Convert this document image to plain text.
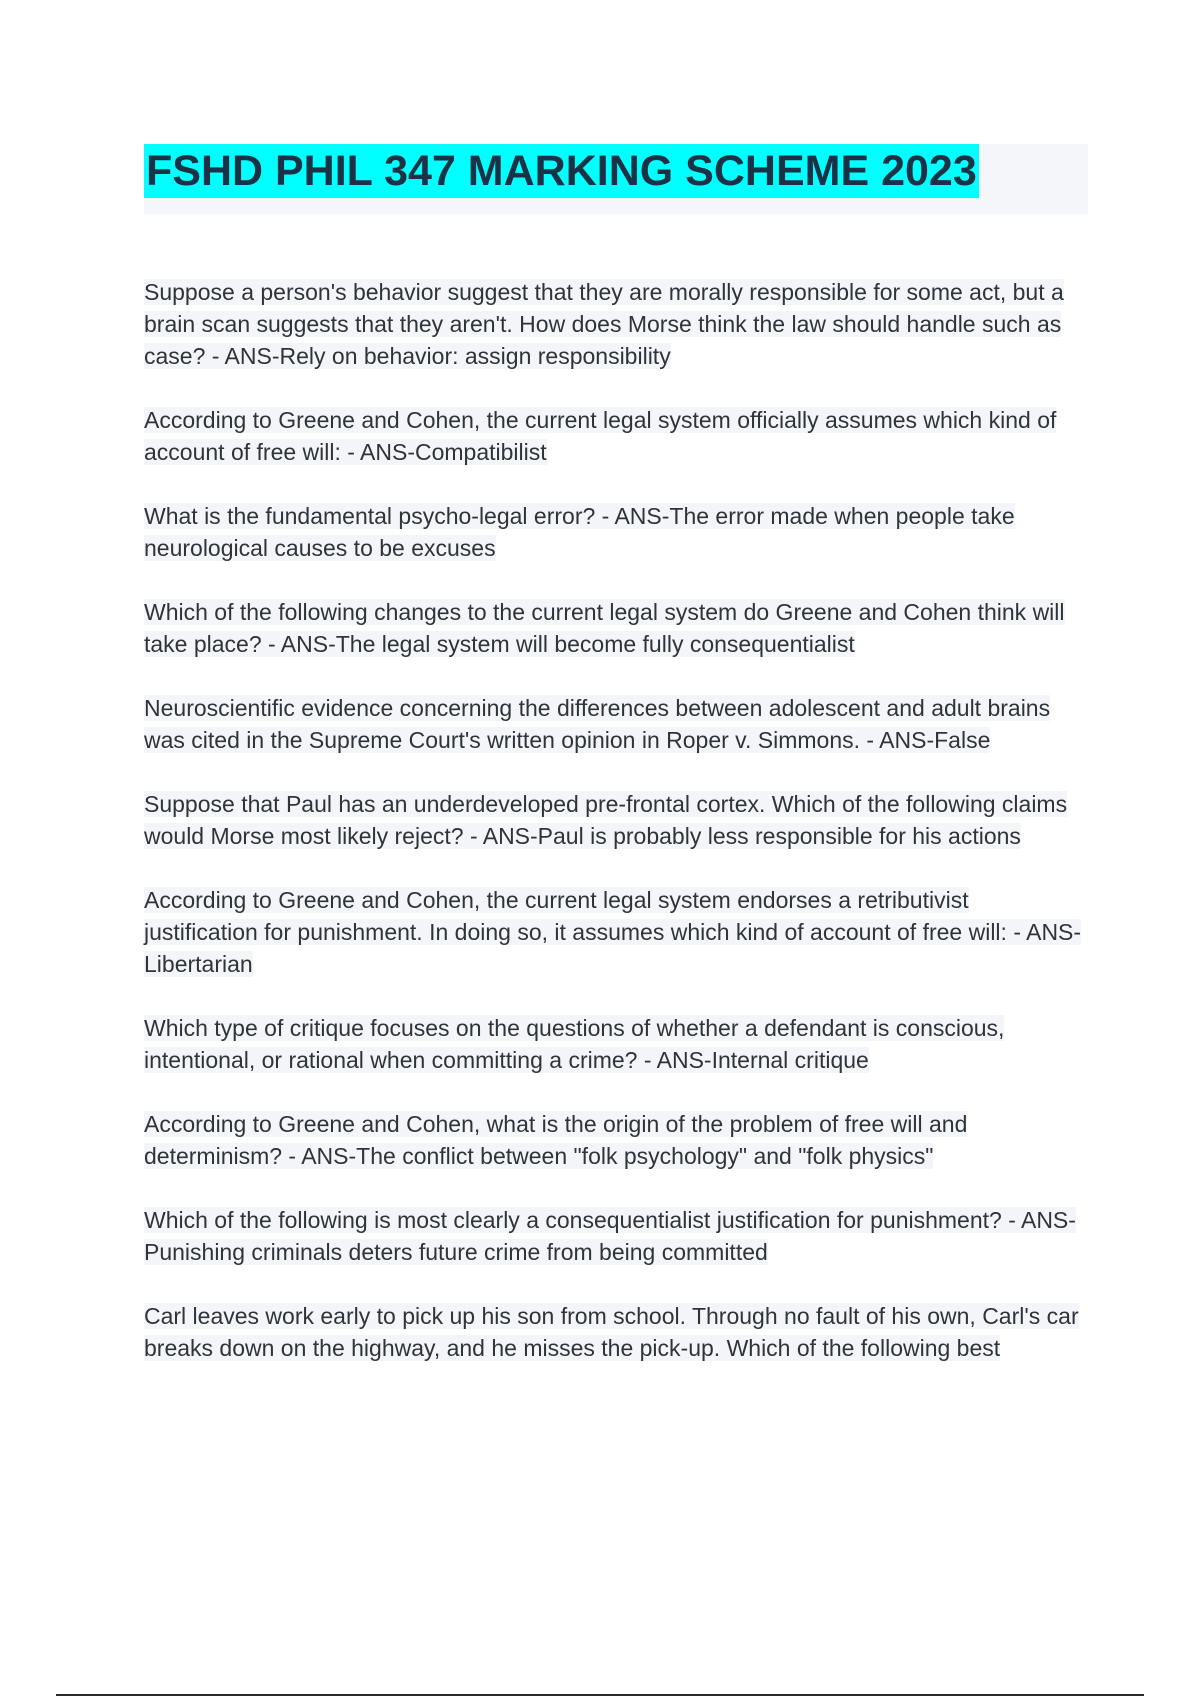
FSHD PHIL 347 MARKING SCHEME 2023

Suppose a person's behavior suggest that they are morally responsible for some act, but a brain scan suggests that they aren't. How does Morse think the law should handle such as case? - ANS-Rely on behavior: assign responsibility

According to Greene and Cohen, the current legal system officially assumes which kind of account of free will: - ANS-Compatibilist

What is the fundamental psycho-legal error? - ANS-The error made when people take neurological causes to be excuses

Which of the following changes to the current legal system do Greene and Cohen think will take place? - ANS-The legal system will become fully consequentialist

Neuroscientific evidence concerning the differences between adolescent and adult brains was cited in the Supreme Court's written opinion in Roper v. Simmons. - ANS-False

Suppose that Paul has an underdeveloped pre-frontal cortex. Which of the following claims would Morse most likely reject? - ANS-Paul is probably less responsible for his actions

According to Greene and Cohen, the current legal system endorses a retributivist justification for punishment. In doing so, it assumes which kind of account of free will: - ANS-Libertarian

Which type of critique focuses on the questions of whether a defendant is conscious, intentional, or rational when committing a crime? - ANS-Internal critique

According to Greene and Cohen, what is the origin of the problem of free will and determinism? - ANS-The conflict between "folk psychology" and "folk physics"

Which of the following is most clearly a consequentialist justification for punishment? - ANS-Punishing criminals deters future crime from being committed

Carl leaves work early to pick up his son from school. Through no fault of his own, Carl's car breaks down on the highway, and he misses the pick-up. Which of the following best
